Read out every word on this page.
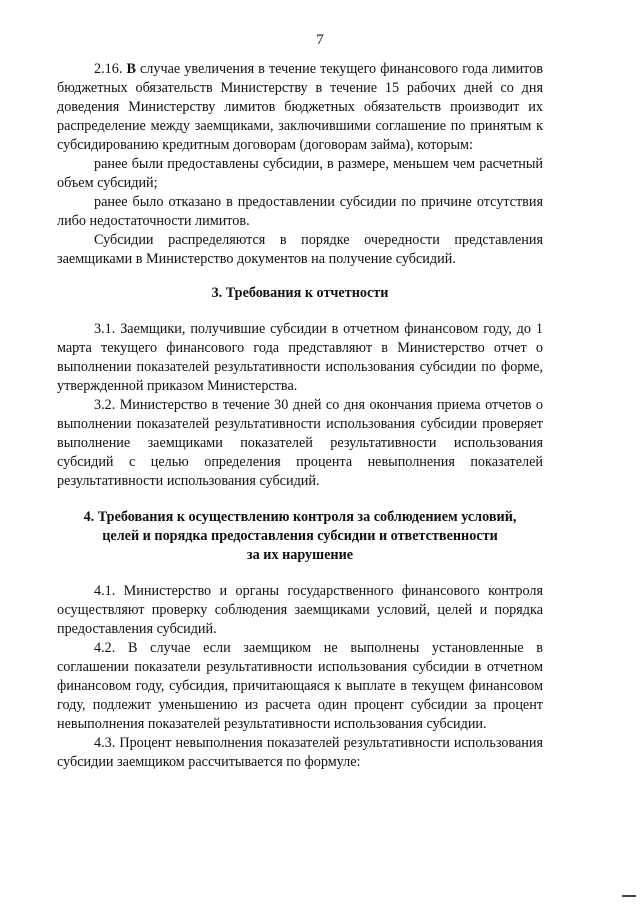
7

2.16. В случае увеличения в течение текущего финансового года лимитов бюджетных обязательств Министерству в течение 15 рабочих дней со дня доведения Министерству лимитов бюджетных обязательств производит их распределение между заемщиками, заключившими соглашение по принятым к субсидированию кредитным договорам (договорам займа), которым:

ранее были предоставлены субсидии, в размере, меньшем чем расчетный объем субсидий;

ранее было отказано в предоставлении субсидии по причине отсутствия либо недостаточности лимитов.

Субсидии распределяются в порядке очередности представления заемщиками в Министерство документов на получение субсидий.

3. Требования к отчетности

3.1. Заемщики, получившие субсидии в отчетном финансовом году, до 1 марта текущего финансового года представляют в Министерство отчет о выполнении показателей результативности использования субсидии по форме, утвержденной приказом Министерства.

3.2. Министерство в течение 30 дней со дня окончания приема отчетов о выполнении показателей результативности использования субсидии проверяет выполнение заемщиками показателей результативности использования субсидий с целью определения процента невыполнения показателей результативности использования субсидий.

4. Требования к осуществлению контроля за соблюдением условий,
целей и порядка предоставления субсидии и ответственности
за их нарушение

4.1. Министерство и органы государственного финансового контроля осуществляют проверку соблюдения заемщиками условий, целей и порядка предоставления субсидий.

4.2. В случае если заемщиком не выполнены установленные в соглашении показатели результативности использования субсидии в отчетном финансовом году, субсидия, причитающаяся к выплате в текущем финансовом году, подлежит уменьшению из расчета один процент субсидии за процент невыполнения показателей результативности использования субсидии.

4.3. Процент невыполнения показателей результативности использования субсидии заемщиком рассчитывается по формуле:
